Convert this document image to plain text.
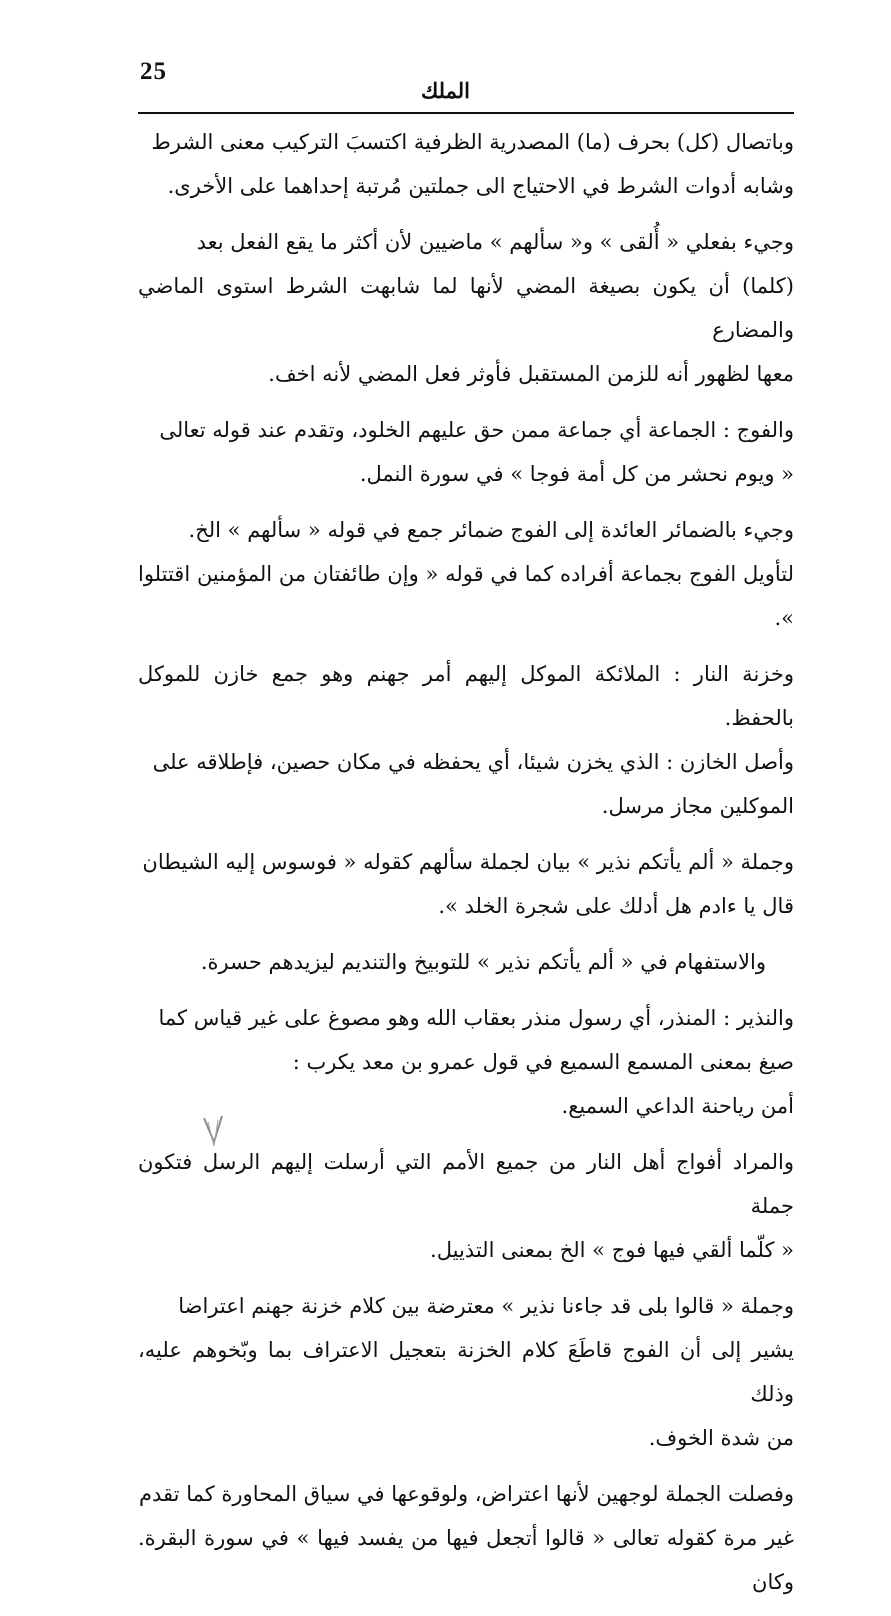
25
الملك

وباتصال (كل) بحرف (ما) المصدرية الظرفية اكتسبَ التركيب معنى الشرط
وشابه أدوات الشرط في الاحتياج الى جملتين مُرتبة إحداهما على الأخرى.

وجيء بفعلي « أُلقى » و« سألهم » ماضيين لأن أكثر ما يقع الفعل بعد
(كلما) أن يكون بصيغة المضي لأنها لما شابهت الشرط استوى الماضي والمضارع
معها لظهور أنه للزمن المستقبل فأوثر فعل المضي لأنه اخف.

والفوج : الجماعة أي جماعة ممن حق عليهم الخلود، وتقدم عند قوله تعالى
« ويوم نحشر من كل أمة فوجا » في سورة النمل.

وجيء بالضمائر العائدة إلى الفوج ضمائر جمع في قوله « سألهم » الخ.
لتأويل الفوج بجماعة أفراده كما في قوله « وإن طائفتان من المؤمنين اقتتلوا ».

وخزنة النار : الملائكة الموكل إليهم أمر جهنم وهو جمع خازن للموكل بالحفظ.
وأصل الخازن : الذي يخزن شيئا، أي يحفظه في مكان حصين، فإطلاقه على
الموكلين مجاز مرسل.

وجملة « ألم يأتكم نذير » بيان لجملة سألهم كقوله « فوسوس إليه الشيطان
قال يا ءادم هل أدلك على شجرة الخلد ».

والاستفهام في « ألم يأتكم نذير » للتوبيخ والتنديم ليزيدهم حسرة.

والنذير : المنذر، أي رسول منذر بعقاب الله وهو مصوغ على غير قياس كما
صيغ بمعنى المسمع السميع في قول عمرو بن معد يكرب :
أمن رياحنة الداعي السميع.

والمراد أفواج أهل النار من جميع الأمم التي أرسلت إليهم الرسل فتكون جملة
« كلّما ألقي فيها فوج » الخ بمعنى التذييل.

وجملة « قالوا بلى قد جاءنا نذير » معترضة بين كلام خزنة جهنم اعتراضا
يشير إلى أن الفوج قاطَعَ كلام الخزنة بتعجيل الاعتراف بما وبّخوهم عليه، وذلك
من شدة الخوف.

وفصلت الجملة لوجهين لأنها اعتراض، ولوقوعها في سياق المحاورة كما تقدم
غير مرة كقوله تعالى « قالوا أتجعل فيها من يفسد فيها » في سورة البقرة. وكان
